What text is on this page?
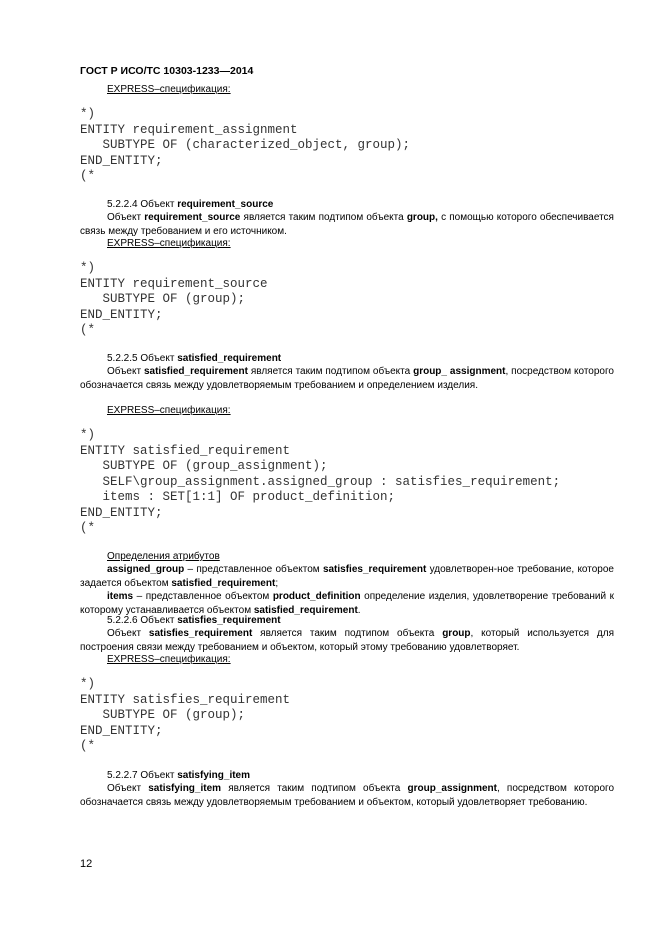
ГОСТ Р ИСО/ТС 10303-1233—2014
EXPRESS–спецификация:
*)
ENTITY requirement_assignment
SUBTYPE OF (characterized_object, group);
END_ENTITY;
(*
5.2.2.4 Объект requirement_source
Объект requirement_source является таким подтипом объекта group, с помощью которого обеспечивается связь между требованием и его источником.
EXPRESS–спецификация:
*)
ENTITY requirement_source
SUBTYPE OF (group);
END_ENTITY;
(*
5.2.2.5 Объект satisfied_requirement
Объект satisfied_requirement является таким подтипом объекта group_ assignment, посредством которого обозначается связь между удовлетворяемым требованием и определением изделия.
EXPRESS–спецификация:
*)
ENTITY satisfied_requirement
SUBTYPE OF (group_assignment);
SELF\group_assignment.assigned_group : satisfies_requirement;
items : SET[1:1] OF product_definition;
END_ENTITY;
(*
Определения атрибутов
assigned_group – представленное объектом satisfies_requirement удовлетворен-ное требование, которое задается объектом satisfied_requirement;
items – представленное объектом product_definition определение изделия, удовлетворение требований к которому устанавливается объектом satisfied_requirement.
5.2.2.6 Объект satisfies_requirement
Объект satisfies_requirement является таким подтипом объекта group, который используется для построения связи между требованием и объектом, который этому требованию удовлетворяет.
EXPRESS–спецификация:
*)
ENTITY satisfies_requirement
SUBTYPE OF (group);
END_ENTITY;
(*
5.2.2.7 Объект satisfying_item
Объект satisfying_item является таким подтипом объекта group_assignment, посредством которого обозначается связь между удовлетворяемым требованием и объектом, который удовлетворяет требованию.
12
